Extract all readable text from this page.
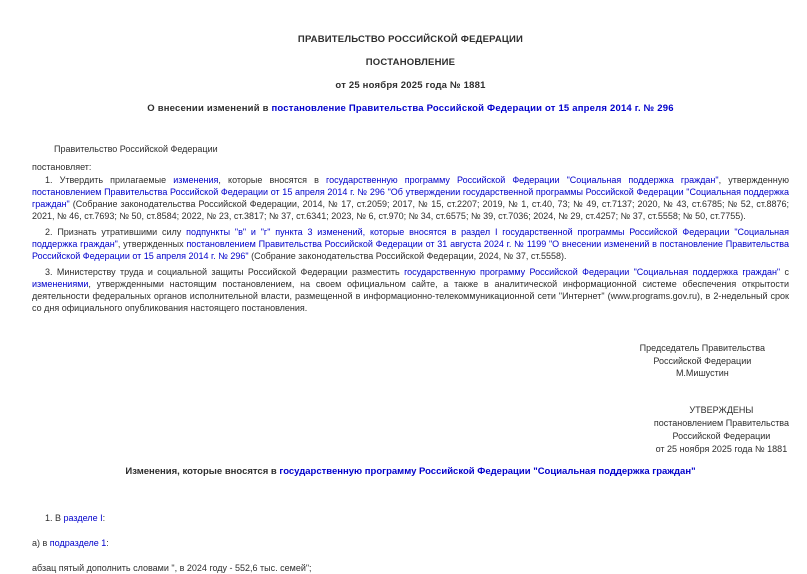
ПРАВИТЕЛЬСТВО РОССИЙСКОЙ ФЕДЕРАЦИИ
ПОСТАНОВЛЕНИЕ
от 25 ноября 2025 года № 1881
О внесении изменений в постановление Правительства Российской Федерации от 15 апреля 2014 г. № 296

Правительство Российской Федерации

постановляет:

1. Утвердить прилагаемые изменения, которые вносятся в государственную программу Российской Федерации "Социальная поддержка граждан", утвержденную постановлением Правительства Российской Федерации от 15 апреля 2014 г. № 296 "Об утверждении государственной программы Российской Федерации "Социальная поддержка граждан" (Собрание законодательства Российской Федерации, 2014, № 17, ст.2059; 2017, № 15, ст.2207; 2019, № 1, ст.40, 73; № 49, ст.7137; 2020, № 43, ст.6785; № 52, ст.8876; 2021, № 46, ст.7693; № 50, ст.8584; 2022, № 23, ст.3817; № 37, ст.6341; 2023, № 6, ст.970; № 34, ст.6575; № 39, ст.7036; 2024, № 29, ст.4257; № 37, ст.5558; № 50, ст.7755).

2. Признать утратившими силу подпункты "в" и "г" пункта 3 изменений, которые вносятся в раздел I государственной программы Российской Федерации "Социальная поддержка граждан", утвержденных постановлением Правительства Российской Федерации от 31 августа 2024 г. № 1199 "О внесении изменений в постановление Правительства Российской Федерации от 15 апреля 2014 г. № 296" (Собрание законодательства Российской Федерации, 2024, № 37, ст.5558).

3. Министерству труда и социальной защиты Российской Федерации разместить государственную программу Российской Федерации "Социальная поддержка граждан" с изменениями, утвержденными настоящим постановлением, на своем официальном сайте, а также в аналитической информационной системе обеспечения открытости деятельности федеральных органов исполнительной власти, размещенной в информационно-телекоммуникационной сети "Интернет" (www.programs.gov.ru), в 2-недельный срок со дня официального опубликования настоящего постановления.

Председатель Правительства
Российской Федерации
М.Мишустин
УТВЕРЖДЕНЫ
постановлением Правительства
Российской Федерации
от 25 ноября 2025 года № 1881
Изменения, которые вносятся в государственную программу Российской Федерации "Социальная поддержка граждан"

1. В разделе I:

а) в подразделе 1:

абзац пятый дополнить словами ", в 2024 году - 552,6 тыс. семей";
